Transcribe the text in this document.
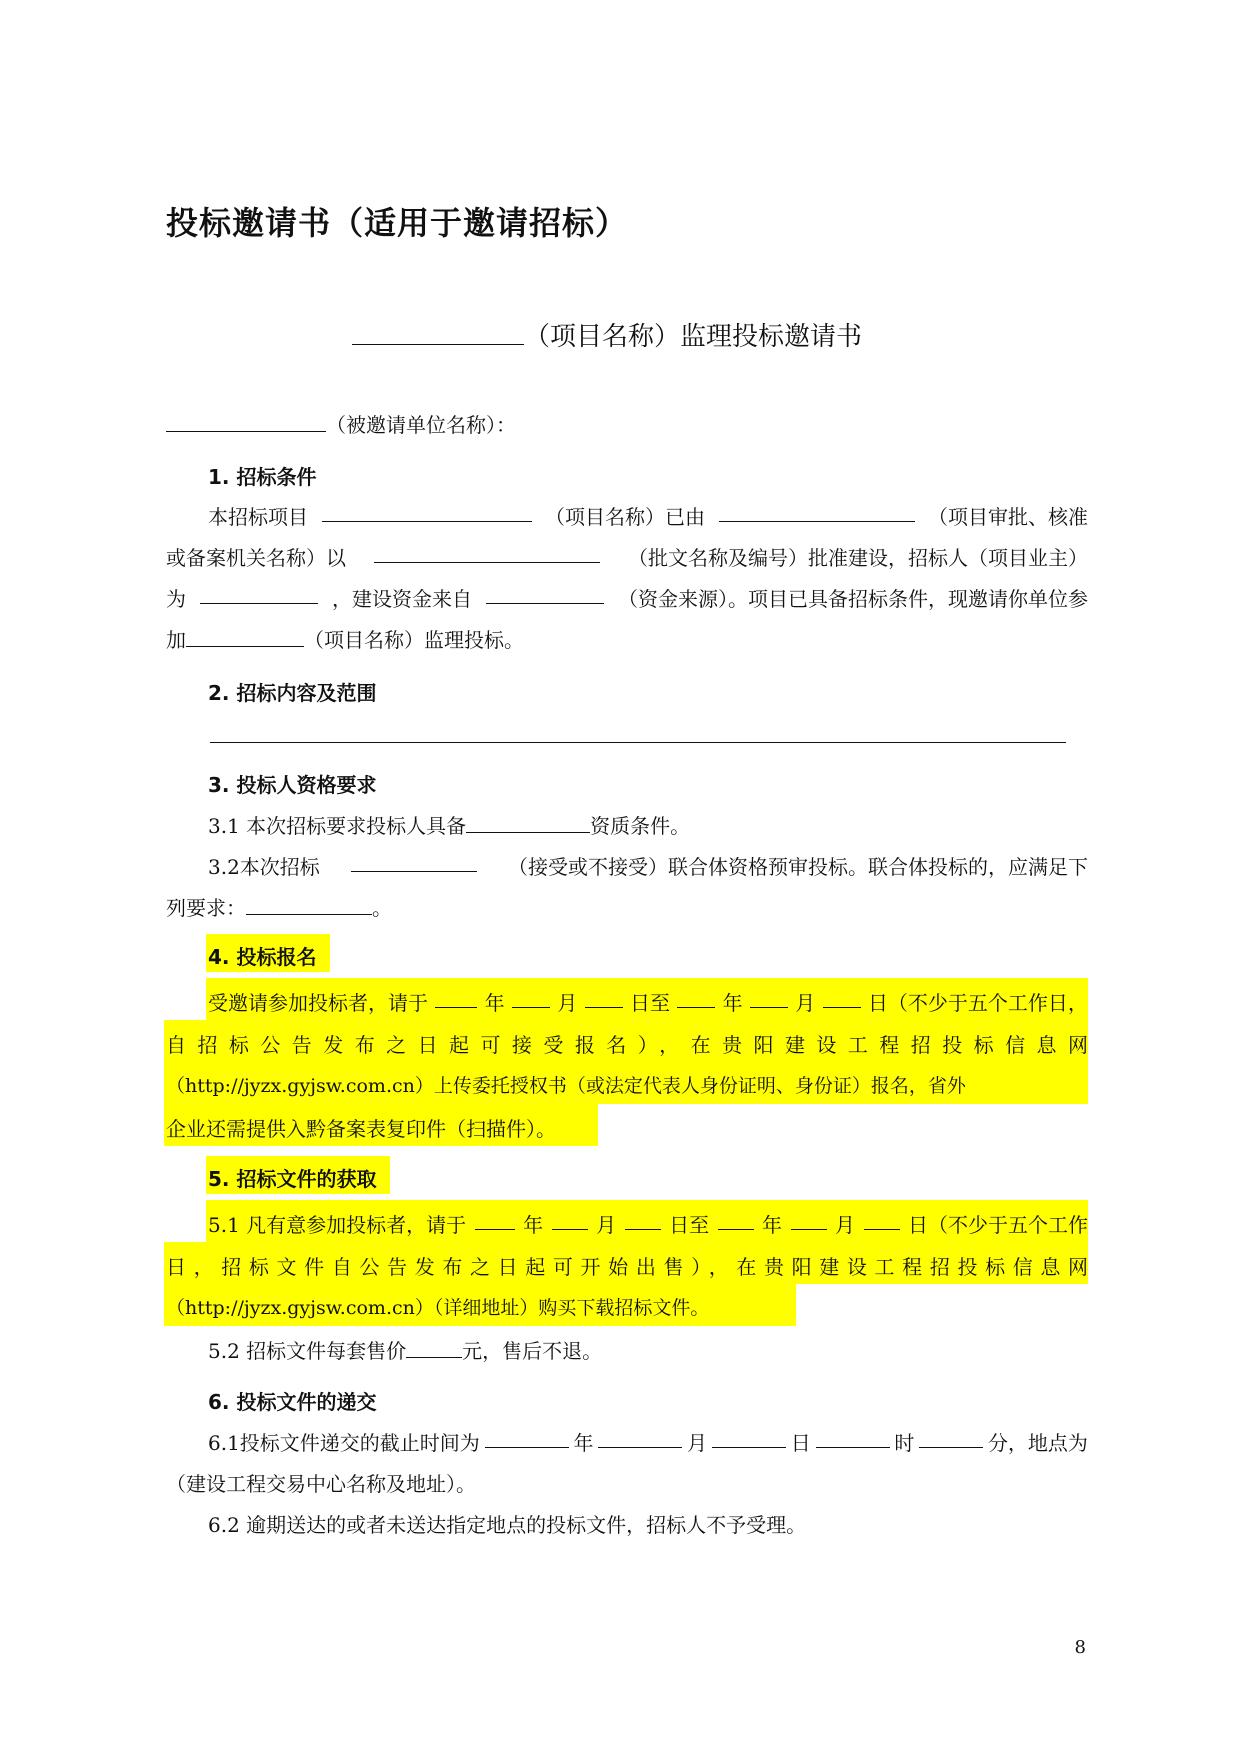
投标邀请书（适用于邀请招标）
（项目名称）监理投标邀请书
（被邀请单位名称）：
1. 招标条件
本招标项目	（项目名称）已由	（项目审批、核准
或备案机关名称）以	（批文名称及编号）批准建设，招标人（项目业主）
为	，建设资金来自	（资金来源）。项目已具备招标条件，现邀请你单位参
加	（项目名称）监理投标。
2. 招标内容及范围
3. 投标人资格要求
3.1 本次招标要求投标人具备	资质条件。
3.2本次招标	（接受或不接受）联合体资格预审投标。联合体投标的，应满足下
列要求：	。
4. 投标报名
受邀请参加投标者，请于	年	月	日至	年	月	日（不少于五个工作日，
自招标公告发布之日起可接受报名），在贵阳建设工程招投标信息网
（http://jyzx.gyjsw.com.cn）上传委托授权书（或法定代表人身份证明、身份证）报名，省外
企业还需提供入黔备案表复印件（扫描件）。
5. 招标文件的获取
5.1 凡有意参加投标者，请于	年	月	日至	年	月	日（不少于五个工作
日，招标文件自公告发布之日起可开始出售），在贵阳建设工程招投标信息网
（http://jyzx.gyjsw.com.cn）（详细地址）购买下载招标文件。
5.2 招标文件每套售价	元，售后不退。
6. 投标文件的递交
6.1投标文件递交的截止时间为	年	月	日	时	分，地点为
（建设工程交易中心名称及地址）。
6.2 逾期送达的或者未送达指定地点的投标文件，招标人不予受理。
8
